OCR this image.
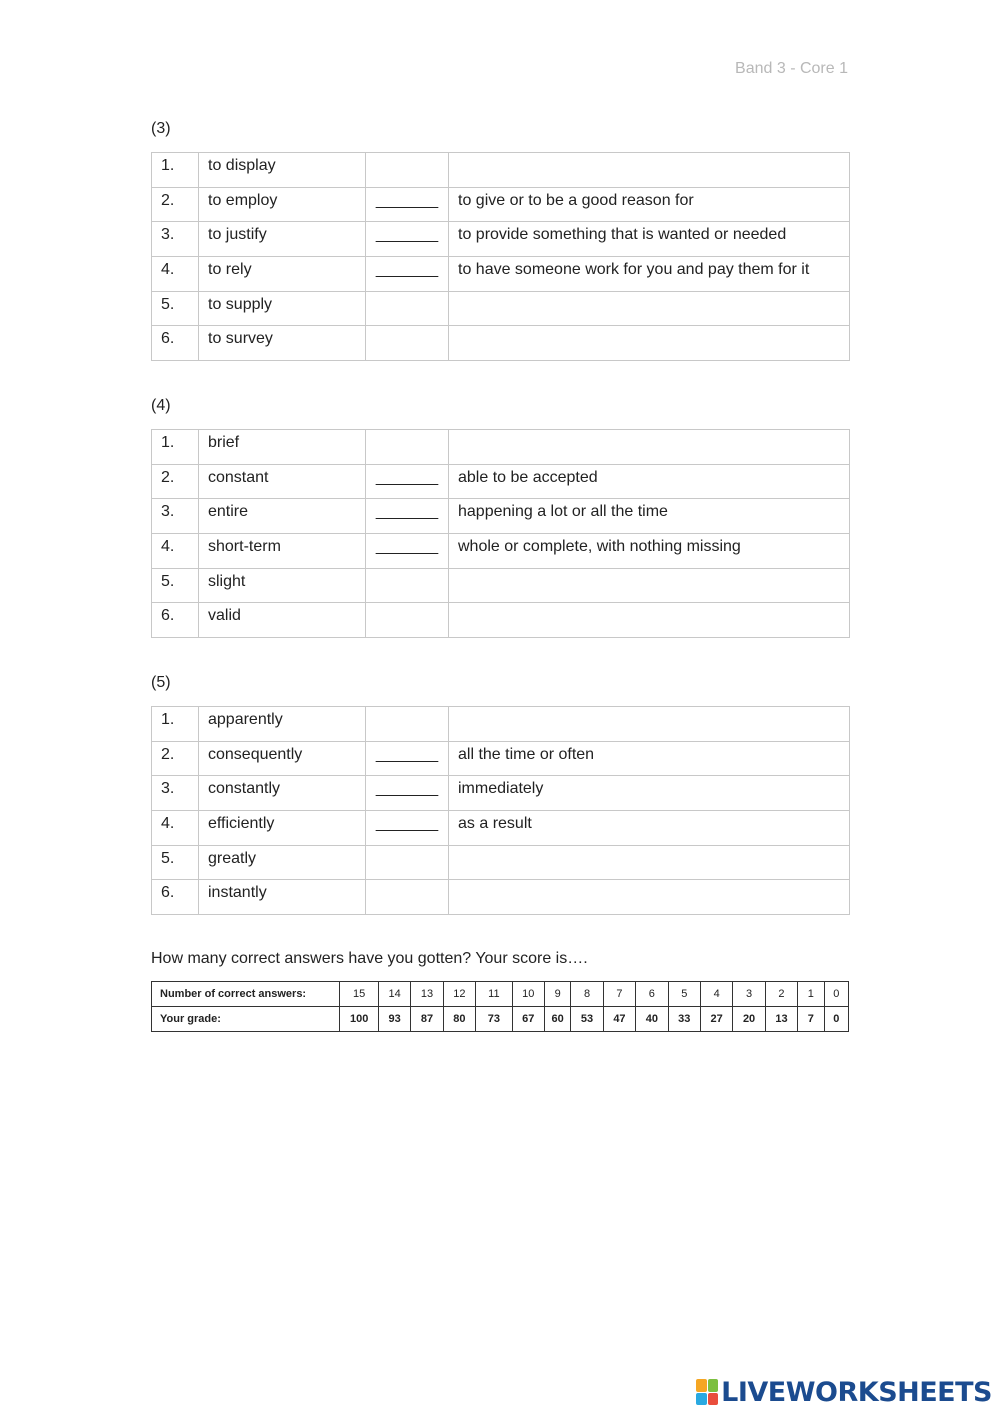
Band 3 - Core 1
(3)
1.	to display		
2.	to employ	_______	to give or to be a good reason for
3.	to justify	_______	to provide something that is wanted or needed
4.	to rely	_______	to have someone work for you and pay them for it
5.	to supply		
6.	to survey		
(4)
1.	brief		
2.	constant	_______	able to be accepted
3.	entire	_______	happening a lot or all the time
4.	short-term	_______	whole or complete, with nothing missing
5.	slight		
6.	valid		
(5)
1.	apparently		
2.	consequently	_______	all the time or often
3.	constantly	_______	immediately
4.	efficiently	_______	as a result
5.	greatly		
6.	instantly		
How many correct answers have you gotten? Your score is….
Number of correct answers:	15	14	13	12	11	10	9	8	7	6	5	4	3	2	1	0
Your grade:	100	93	87	80	73	67	60	53	47	40	33	27	20	13	7	0
LIVEWORKSHEETS
